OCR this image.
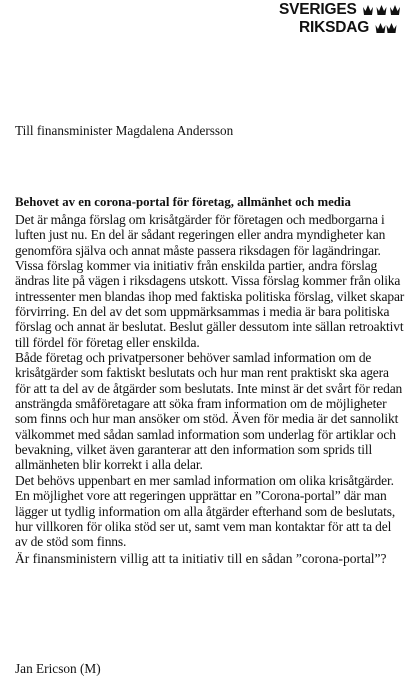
SVERIGES
RIKSDAG
Till finansminister Magdalena Andersson
Behovet av en corona-portal för företag, allmänhet och media

Det är många förslag om krisåtgärder för företagen och medborgarna i luften just nu. En del är sådant regeringen eller andra myndigheter kan genomföra själva och annat måste passera riksdagen för lagändringar. Vissa förslag kommer via initiativ från enskilda partier, andra förslag ändras lite på vägen i riksdagens utskott. Vissa förslag kommer från olika intressenter men blandas ihop med faktiska politiska förslag, vilket skapar förvirring. En del av det som uppmärksammas i media är bara politiska förslag och annat är beslutat. Beslut gäller dessutom inte sällan retroaktivt till fördel för företag eller enskilda.

Både företag och privatpersoner behöver samlad information om de krisåtgärder som faktiskt beslutats och hur man rent praktiskt ska agera för att ta del av de åtgärder som beslutats. Inte minst är det svårt för redan ansträngda småföretagare att söka fram information om de möjligheter som finns och hur man ansöker om stöd. Även för media är det sannolikt välkommet med sådan samlad information som underlag för artiklar och bevakning, vilket även garanterar att den information som sprids till allmänheten blir korrekt i alla delar.

Det behövs uppenbart en mer samlad information om olika krisåtgärder. En möjlighet vore att regeringen upprättar en ”Corona-portal” där man lägger ut tydlig information om alla åtgärder efterhand som de beslutats, hur villkoren för olika stöd ser ut, samt vem man kontaktar för att ta del av de stöd som finns.

Är finansministern villig att ta initiativ till en sådan ”corona-portal”?
Jan Ericson (M)
